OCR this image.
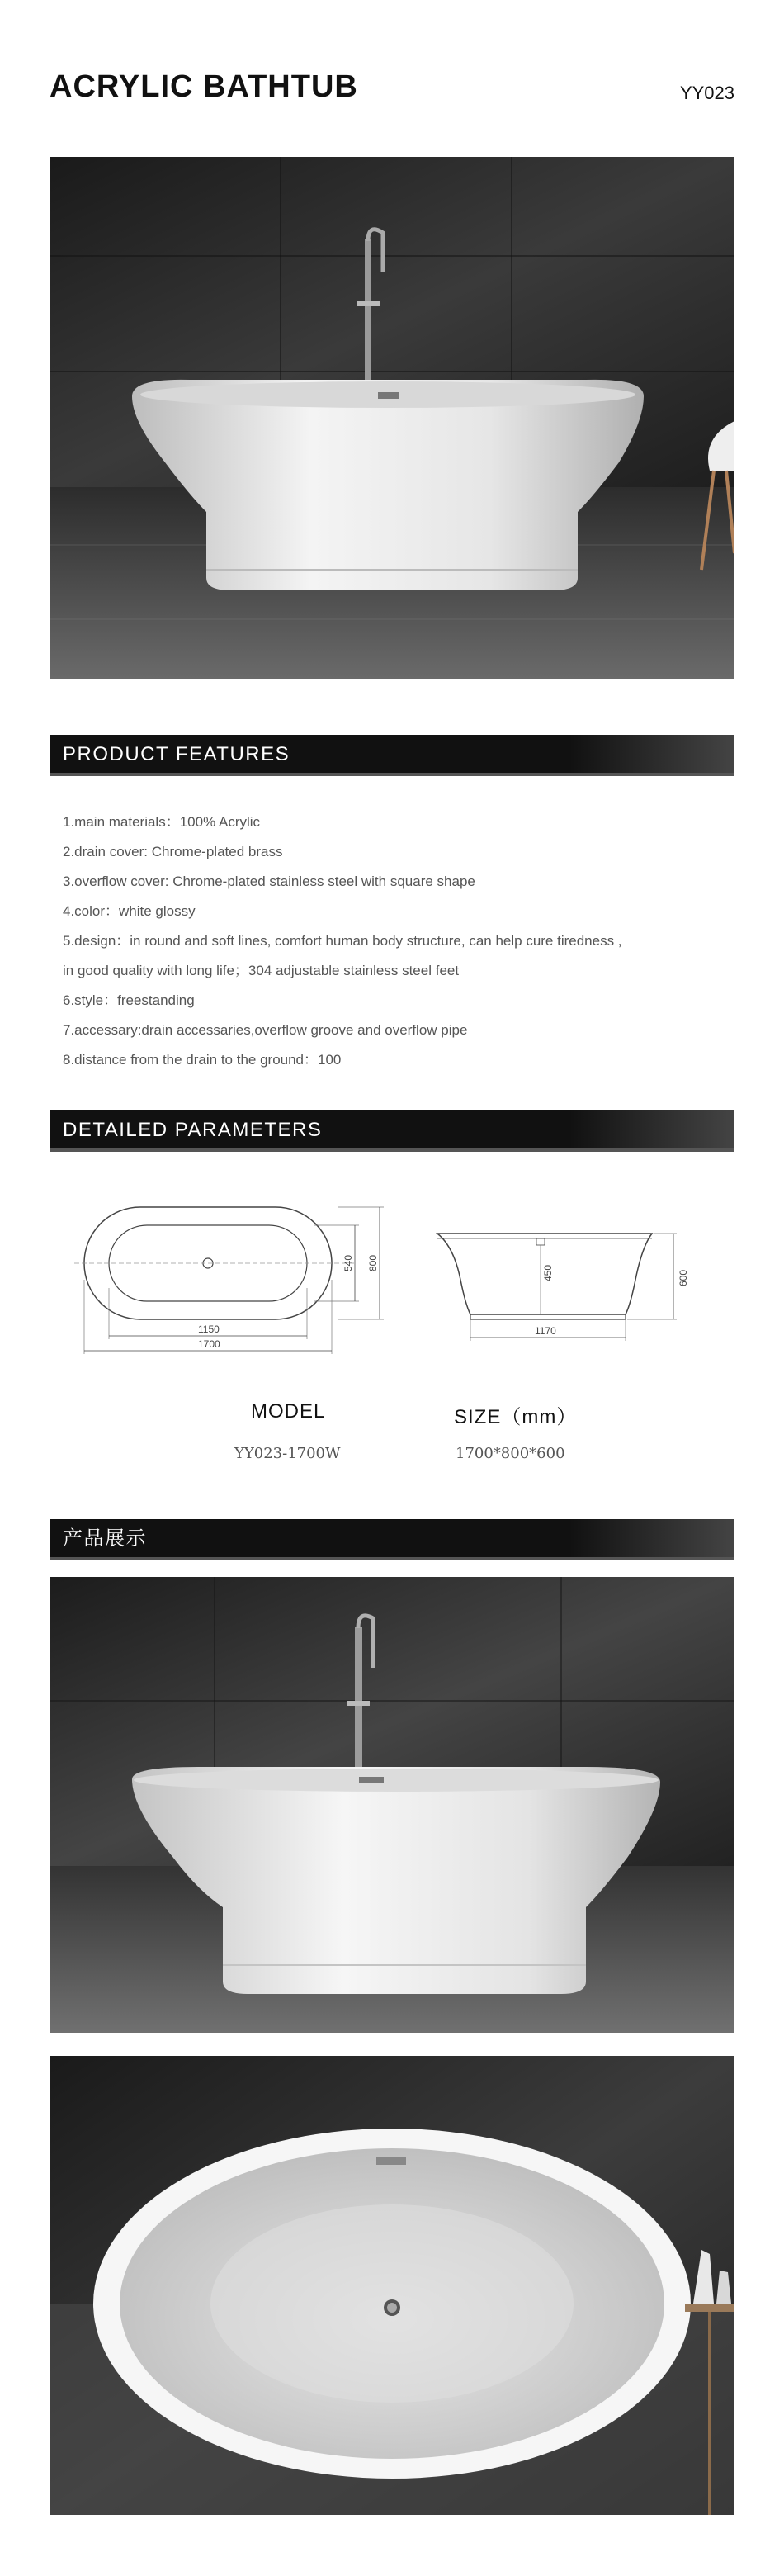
ACRYLIC BATHTUB	YY023
PRODUCT FEATURES
1.main materials：100% Acrylic
2.drain cover: Chrome-plated brass
3.overflow cover: Chrome-plated stainless steel with square shape
4.color：white glossy
5.design：in round and soft lines, comfort human body structure, can help cure tiredness ,
in good quality with long life；304 adjustable stainless steel feet
6.style：freestanding
7.accessary:drain accessaries,overflow groove and overflow pipe
8.distance from the drain to the ground：100
DETAILED PARAMETERS
540 800
1150
1700
450	600
1170
MODEL	SIZE（mm）
YY023-1700W	1700*800*600
产品展示
